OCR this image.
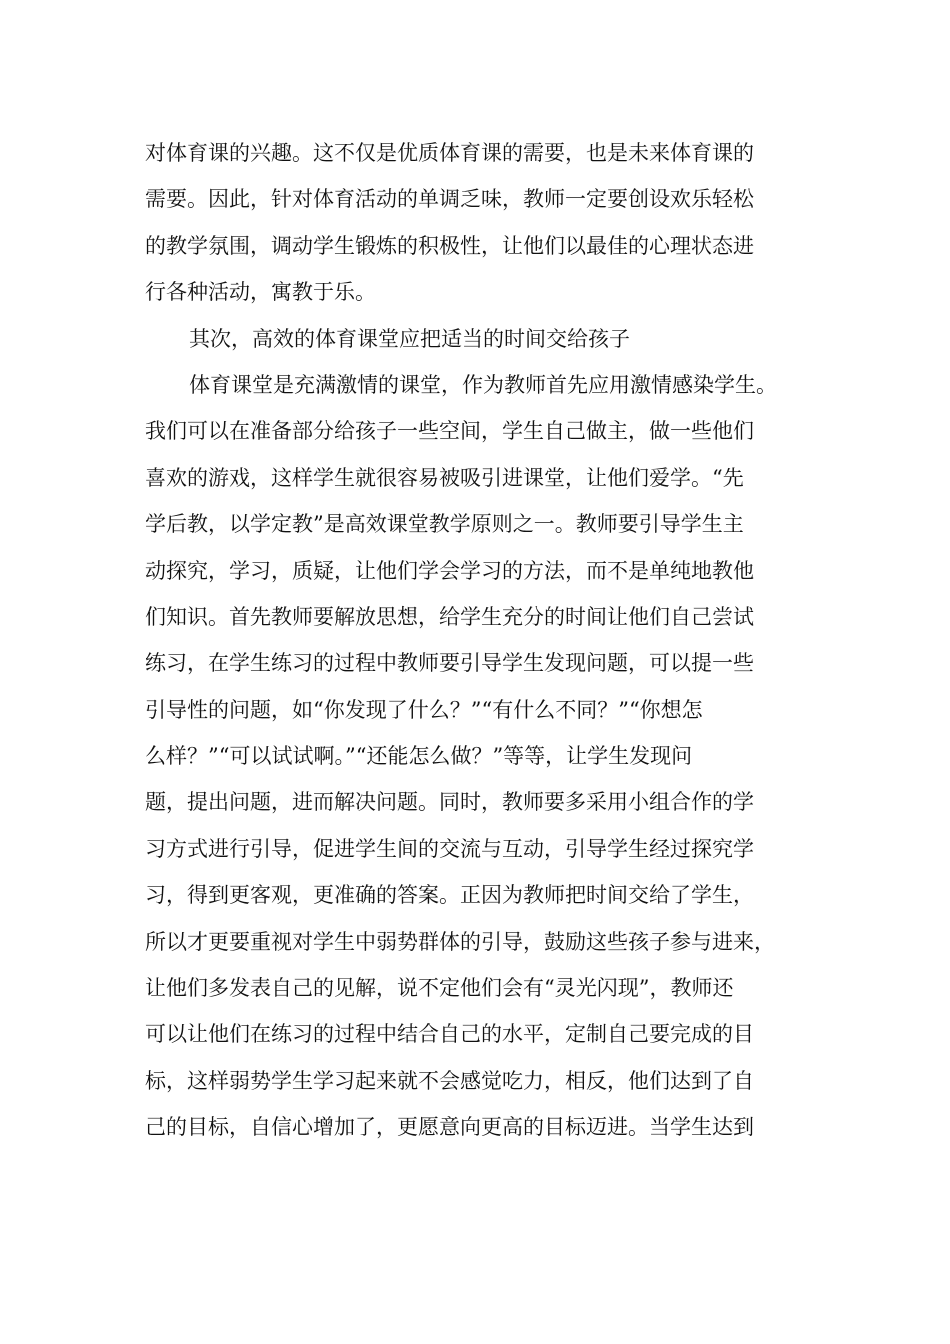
对体育课的兴趣。这不仅是优质体育课的需要，也是未来体育课的
需要。因此，针对体育活动的单调乏味，教师一定要创设欢乐轻松
的教学氛围，调动学生锻炼的积极性，让他们以最佳的心理状态进
行各种活动，寓教于乐。
其次，高效的体育课堂应把适当的时间交给孩子
体育课堂是充满激情的课堂，作为教师首先应用激情感染学生。
我们可以在准备部分给孩子一些空间，学生自己做主，做一些他们
喜欢的游戏，这样学生就很容易被吸引进课堂，让他们爱学。“先
学后教，以学定教”是高效课堂教学原则之一。教师要引导学生主
动探究，学习，质疑，让他们学会学习的方法，而不是单纯地教他
们知识。首先教师要解放思想，给学生充分的时间让他们自己尝试
练习，在学生练习的过程中教师要引导学生发现问题，可以提一些
引导性的问题，如“你发现了什么？”“有什么不同？”“你想怎
么样？”“可以试试啊。”“还能怎么做？”等等，让学生发现问
题，提出问题，进而解决问题。同时，教师要多采用小组合作的学
习方式进行引导，促进学生间的交流与互动，引导学生经过探究学
习，得到更客观，更准确的答案。正因为教师把时间交给了学生，
所以才更要重视对学生中弱势群体的引导，鼓励这些孩子参与进来，
让他们多发表自己的见解，说不定他们会有“灵光闪现”，教师还
可以让他们在练习的过程中结合自己的水平，定制自己要完成的目
标，这样弱势学生学习起来就不会感觉吃力，相反，他们达到了自
己的目标，自信心增加了，更愿意向更高的目标迈进。当学生达到
